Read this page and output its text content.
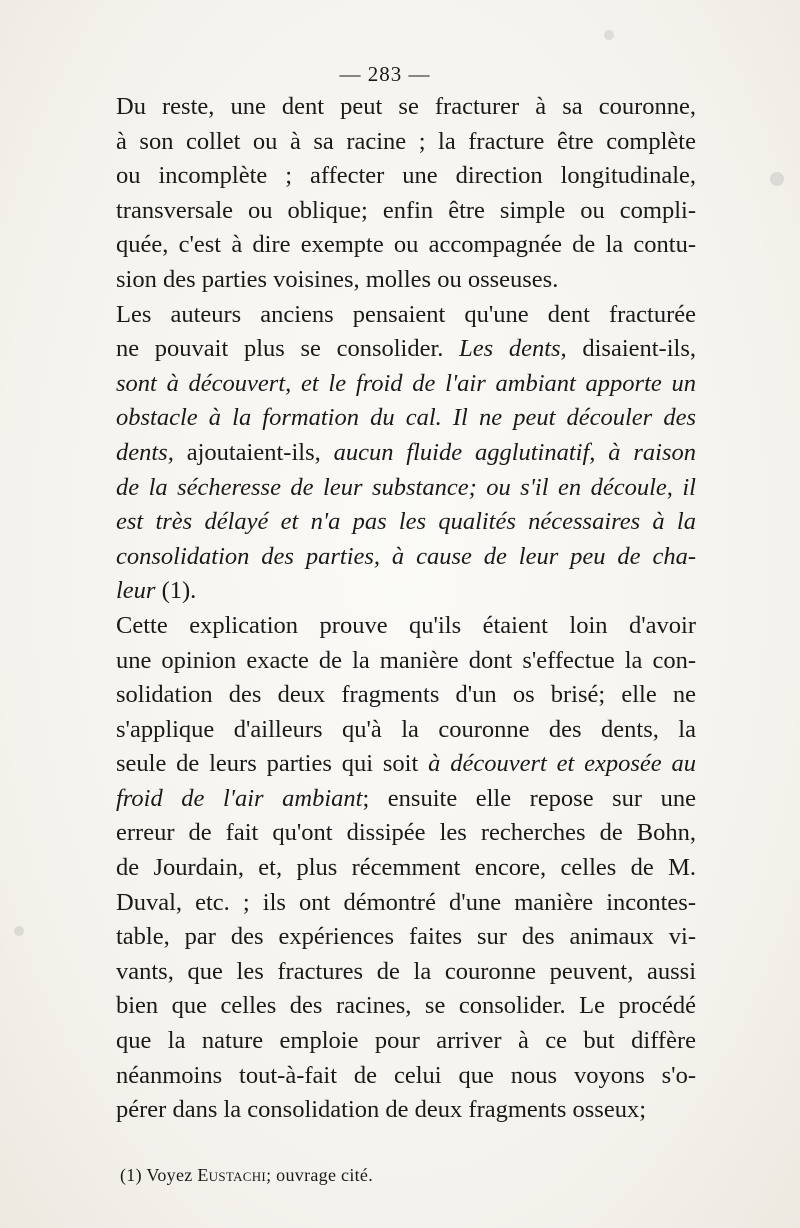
— 283 —
Du reste, une dent peut se fracturer à sa couronne,
à son collet ou à sa racine ; la fracture être complète
ou incomplète ; affecter une direction longitudinale,
transversale ou oblique; enfin être simple ou compli-
quée, c'est à dire exempte ou accompagnée de la contu-
sion des parties voisines, molles ou osseuses.
Les auteurs anciens pensaient qu'une dent fracturée
ne pouvait plus se consolider. Les dents, disaient-ils,
sont à découvert, et le froid de l'air ambiant apporte un
obstacle à la formation du cal. Il ne peut découler des
dents, ajoutaient-ils, aucun fluide agglutinatif, à raison
de la sécheresse de leur substance; ou s'il en découle, il
est très délayé et n'a pas les qualités nécessaires à la
consolidation des parties, à cause de leur peu de cha-
leur (1).
Cette explication prouve qu'ils étaient loin d'avoir
une opinion exacte de la manière dont s'effectue la con-
solidation des deux fragments d'un os brisé; elle ne
s'applique d'ailleurs qu'à la couronne des dents, la
seule de leurs parties qui soit à découvert et exposée au
froid de l'air ambiant; ensuite elle repose sur une
erreur de fait qu'ont dissipée les recherches de Bohn,
de Jourdain, et, plus récemment encore, celles de M.
Duval, etc. ; ils ont démontré d'une manière incontes-
table, par des expériences faites sur des animaux vi-
vants, que les fractures de la couronne peuvent, aussi
bien que celles des racines, se consolider. Le procédé
que la nature emploie pour arriver à ce but diffère
néanmoins tout-à-fait de celui que nous voyons s'o-
pérer dans la consolidation de deux fragments osseux;
(1) Voyez Eustachi; ouvrage cité.
